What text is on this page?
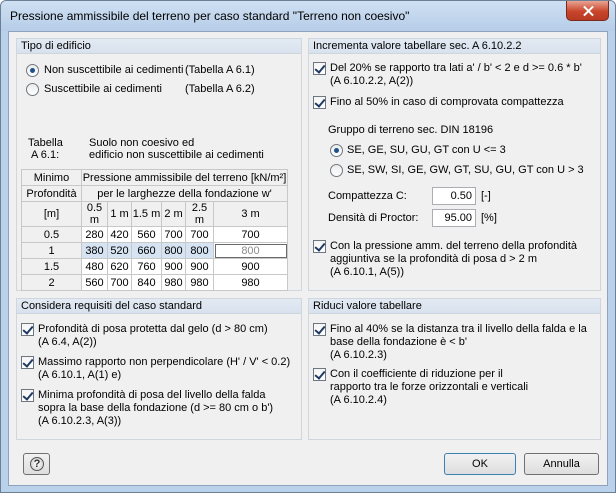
Pressione ammissibile del terreno per caso standard "Terreno non coesivo"
Tipo di edificio
Non suscettibile ai cedimenti (Tabella A 6.1)
Suscettibile ai cedimenti (Tabella A 6.2)
Tabella
A 6.1:
Suolo non coesivo ed
edificio non suscettibile ai cedimenti
Minimo	Pressione ammissibile del terreno [kN/m²]					
Profondità	per le larghezze della fondazione w'					
[m]	0.5 m	1 m	1.5 m	2 m	2.5 m	3 m
0.5	280	420	560	700	700	700
1	380	520	660	800	800	800
1.5	480	620	760	900	900	900
2	560	700	840	980	980	980
Incrementa valore tabellare sec. A 6.10.2.2
Del 20% se rapporto tra lati a' / b' < 2 e d >= 0.6 * b'
(A 6.10.2.2, A(2))
Fino al 50% in caso di comprovata compattezza
Gruppo di terreno sec. DIN 18196
SE, GE, SU, GU, GT con U <= 3
SE, SW, SI, GE, GW, GT, SU, GU, GT con U > 3
Compattezza C:	0.50 [-]
Densità di Proctor:	95.00 [%]
Con la pressione amm. del terreno della profondità
aggiuntiva se la profondità di posa d > 2 m
(A 6.10.1, A(5))
Considera requisiti del caso standard
Profondità di posa protetta dal gelo (d > 80 cm)
(A 6.4, A(2))
Massimo rapporto non perpendicolare (H' / V' < 0.2)
(A 6.10.1, A(1) e)
Minima profondità di posa del livello della falda
sopra la base della fondazione (d >= 80 cm o b')
(A 6.10.2.3, A(3))
Riduci valore tabellare
Fino al 40% se la distanza tra il livello della falda e la
base della fondazione è < b'
(A 6.10.2.3)
Con il coefficiente di riduzione per il
rapporto tra le forze orizzontali e verticali
(A 6.10.2.4)
?	OK	Annulla
